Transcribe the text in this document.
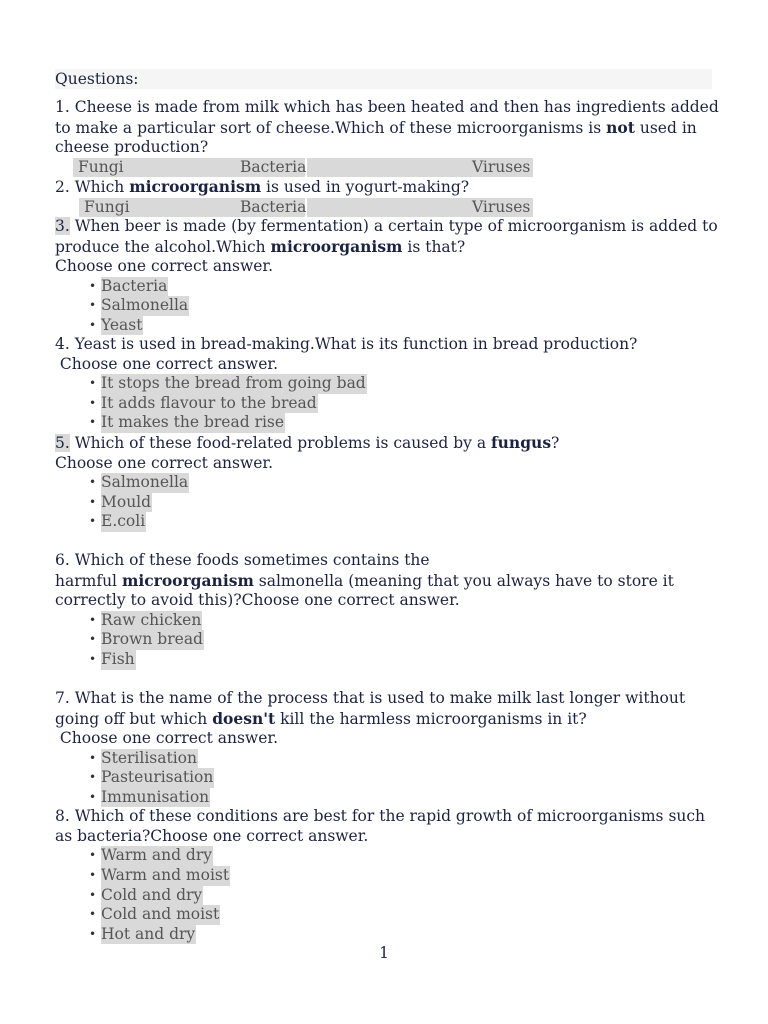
Questions:
1. Cheese is made from milk which has been heated and then has ingredients added
to make a particular sort of cheese.Which of these microorganisms is not used in
cheese production?
Fungi	Bacteria	Viruses
2. Which microorganism is used in yogurt-making?
Fungi	Bacteria	Viruses
3. When beer is made (by fermentation) a certain type of microorganism is added to
produce the alcohol.Which microorganism is that?
Choose one correct answer.
• Bacteria
• Salmonella
• Yeast
4. Yeast is used in bread-making.What is its function in bread production?
Choose one correct answer.
• It stops the bread from going bad
• It adds flavour to the bread
• It makes the bread rise
5. Which of these food-related problems is caused by a fungus?
Choose one correct answer.
• Salmonella
• Mould
• E.coli
6. Which of these foods sometimes contains the
harmful microorganism salmonella (meaning that you always have to store it
correctly to avoid this)?Choose one correct answer.
• Raw chicken
• Brown bread
• Fish
7. What is the name of the process that is used to make milk last longer without
going off but which doesn't kill the harmless microorganisms in it?
Choose one correct answer.
• Sterilisation
• Pasteurisation
• Immunisation
8. Which of these conditions are best for the rapid growth of microorganisms such
as bacteria?Choose one correct answer.
• Warm and dry
• Warm and moist
• Cold and dry
• Cold and moist
• Hot and dry
1
